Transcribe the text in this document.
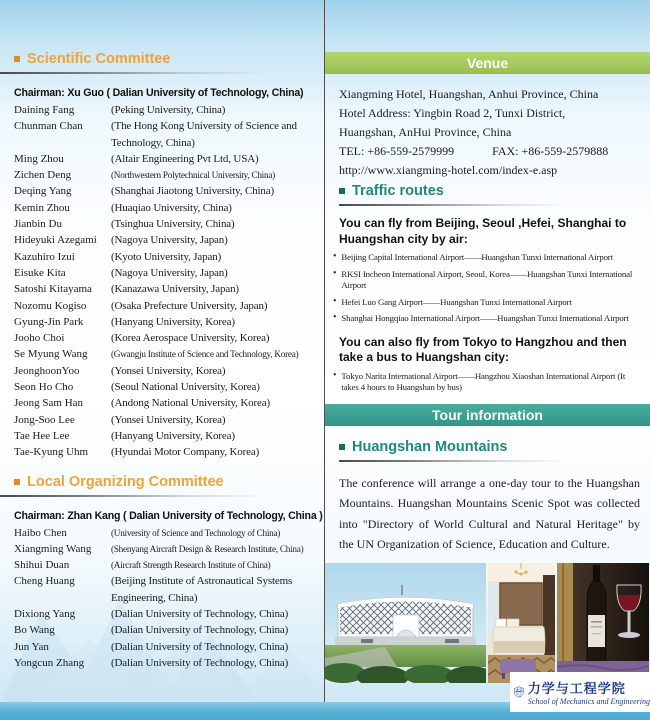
Scientific Committee
Chairman: Xu Guo ( Dalian University of Technology, China)
Daining Fang	(Peking University, China)
Chunman Chan	(The Hong Kong University of Science and Technology, China)
Ming Zhou	(Altair Engineering Pvt Ltd, USA)
Zichen Deng	(Northwestern Polytechnical University, China)
Deqing Yang	(Shanghai Jiaotong University, China)
Kemin Zhou	(Huaqiao University, China)
Jianbin Du	(Tsinghua University, China)
Hideyuki Azegami	(Nagoya University, Japan)
Kazuhiro Izui	(Kyoto University, Japan)
Eisuke Kita	(Nagoya University, Japan)
Satoshi Kitayama	(Kanazawa University, Japan)
Nozomu Kogiso	(Osaka Prefecture University, Japan)
Gyung-Jin Park	(Hanyang University, Korea)
Jooho Choi	(Korea Aerospace University, Korea)
Se Myung Wang	(Gwangju Institute of Science and Technology, Korea)
JeonghoonYoo	(Yonsei University, Korea)
Seon Ho Cho	(Seoul National University, Korea)
Jeong Sam Han	(Andong National University, Korea)
Jong-Soo Lee	(Yonsei University, Korea)
Tae Hee Lee	(Hanyang University, Korea)
Tae-Kyung Uhm	(Hyundai Motor Company, Korea)
Local Organizing Committee
Chairman: Zhan Kang ( Dalian University of Technology, China )
Haibo Chen	(University of Science and Technology of China)
Xiangming Wang	(Shenyang Aircraft Design & Research Institute, China)
Shihui Duan	(Aircraft Strength Research Institute of China)
Cheng Huang	(Beijing Institute of Astronautical Systems Engineering, China)
Dixiong Yang	(Dalian University of Technology, China)
Bo Wang	(Dalian University of Technology, China)
Jun Yan	(Dalian University of Technology, China)
Yongcun Zhang	(Dalian University of Technology, China)
Venue
Xiangming Hotel, Huangshan, Anhui Province, China
Hotel Address: Yingbin Road 2, Tunxi District,
Huangshan, AnHui Province, China
TEL: +86-559-2579999	FAX: +86-559-2579888
http://www.xiangming-hotel.com/index-e.asp
Traffic routes
You can fly from Beijing, Seoul ,Hefei, Shanghai to Huangshan city by air:
• Beijing Capital International Airport——Huangshan Tunxi International Airport
• RKSI Incheon International Airport, Seoul, Korea——Huangshan Tunxi International Airport
• Hefei Luo Gang Airport——Huangshan Tunxi International Airport
• Shanghai Hongqiao International Airport——Huangshan Tunxi International Airport
You can also fly from Tokyo to Hangzhou and then take a bus to Huangshan city:
• Tokyo Narita International Airport——Hangzhou Xiaoshan International Airport (It takes 4 hours to Huangshan by bus)
Tour information
Huangshan Mountains
The conference will arrange a one-day tour to the Huangshan Mountains. Huangshan Mountains Scenic Spot was collected into "Directory of World Cultural and Natural Heritage" by the UN Organization of Science, Education and Culture.
力学与工程学院
School of Mechanics and Engineering
